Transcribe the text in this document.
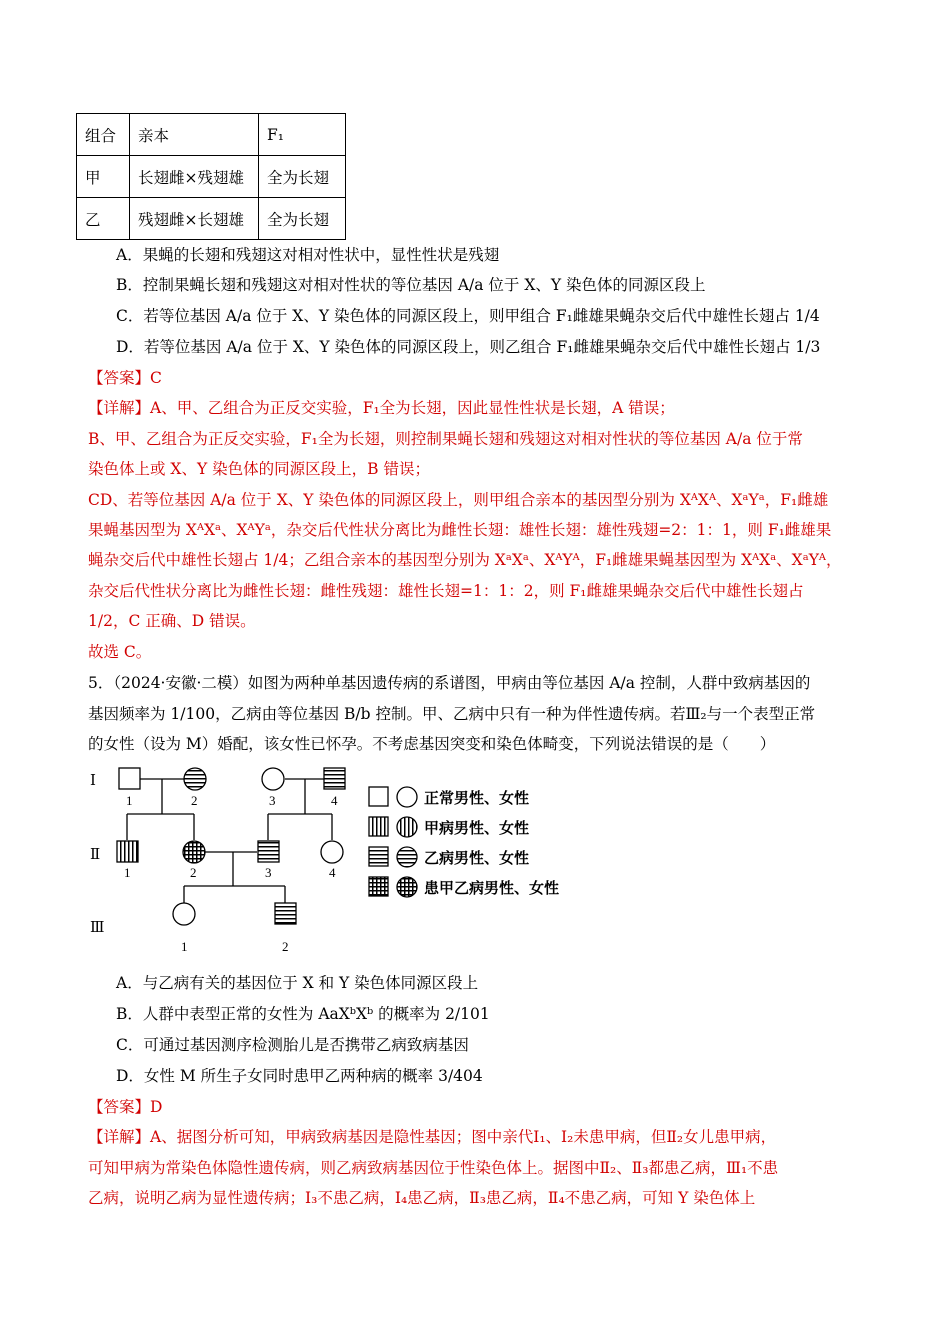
组合	亲本	F₁
甲	长翅雌×残翅雄	全为长翅
乙	残翅雌×长翅雄	全为长翅
A．果蝇的长翅和残翅这对相对性状中，显性性状是残翅
B．控制果蝇长翅和残翅这对相对性状的等位基因 A/a 位于 X、Y 染色体的同源区段上
C．若等位基因 A/a 位于 X、Y 染色体的同源区段上，则甲组合 F₁雌雄果蝇杂交后代中雄性长翅占 1/4
D．若等位基因 A/a 位于 X、Y 染色体的同源区段上，则乙组合 F₁雌雄果蝇杂交后代中雄性长翅占 1/3
【答案】C
【详解】A、甲、乙组合为正反交实验，F₁全为长翅，因此显性性状是长翅，A 错误；
B、甲、乙组合为正反交实验，F₁全为长翅，则控制果蝇长翅和残翅这对相对性状的等位基因 A/a 位于常
染色体上或 X、Y 染色体的同源区段上，B 错误；
CD、若等位基因 A/a 位于 X、Y 染色体的同源区段上，则甲组合亲本的基因型分别为 XᴬXᴬ、XᵃYᵃ，F₁雌雄
果蝇基因型为 XᴬXᵃ、XᴬYᵃ，杂交后代性状分离比为雌性长翅：雄性长翅：雄性残翅=2：1：1，则 F₁雌雄果
蝇杂交后代中雄性长翅占 1/4；乙组合亲本的基因型分别为 XᵃXᵃ、XᴬYᴬ，F₁雌雄果蝇基因型为 XᴬXᵃ、XᵃYᴬ，
杂交后代性状分离比为雌性长翅：雌性残翅：雄性长翅=1：1：2，则 F₁雌雄果蝇杂交后代中雄性长翅占
1/2，C 正确、D 错误。
故选 C。
5．（2024·安徽·二模）如图为两种单基因遗传病的系谱图，甲病由等位基因 A/a 控制，人群中致病基因的
基因频率为 1/100，乙病由等位基因 B/b 控制。甲、乙病中只有一种为伴性遗传病。若Ⅲ₂与一个表型正常
的女性（设为 M）婚配，该女性已怀孕。不考虑基因突变和染色体畸变，下列说法错误的是（　　）
Ⅰ
Ⅱ
Ⅲ
1	2	3	4
1	2	3	4
1	2
正常男性、女性
甲病男性、女性
乙病男性、女性
患甲乙病男性、女性
A．与乙病有关的基因位于 X 和 Y 染色体同源区段上
B．人群中表型正常的女性为 AaXᵇXᵇ 的概率为 2/101
C．可通过基因测序检测胎儿是否携带乙病致病基因
D．女性 M 所生子女同时患甲乙两种病的概率 3/404
【答案】D
【详解】A、据图分析可知，甲病致病基因是隐性基因；图中亲代Ⅰ₁、Ⅰ₂未患甲病，但Ⅱ₂女儿患甲病，
可知甲病为常染色体隐性遗传病，则乙病致病基因位于性染色体上。据图中Ⅱ₂、Ⅱ₃都患乙病，Ⅲ₁不患
乙病，说明乙病为显性遗传病；Ⅰ₃不患乙病，Ⅰ₄患乙病，Ⅱ₃患乙病，Ⅱ₄不患乙病，可知 Y 染色体上
